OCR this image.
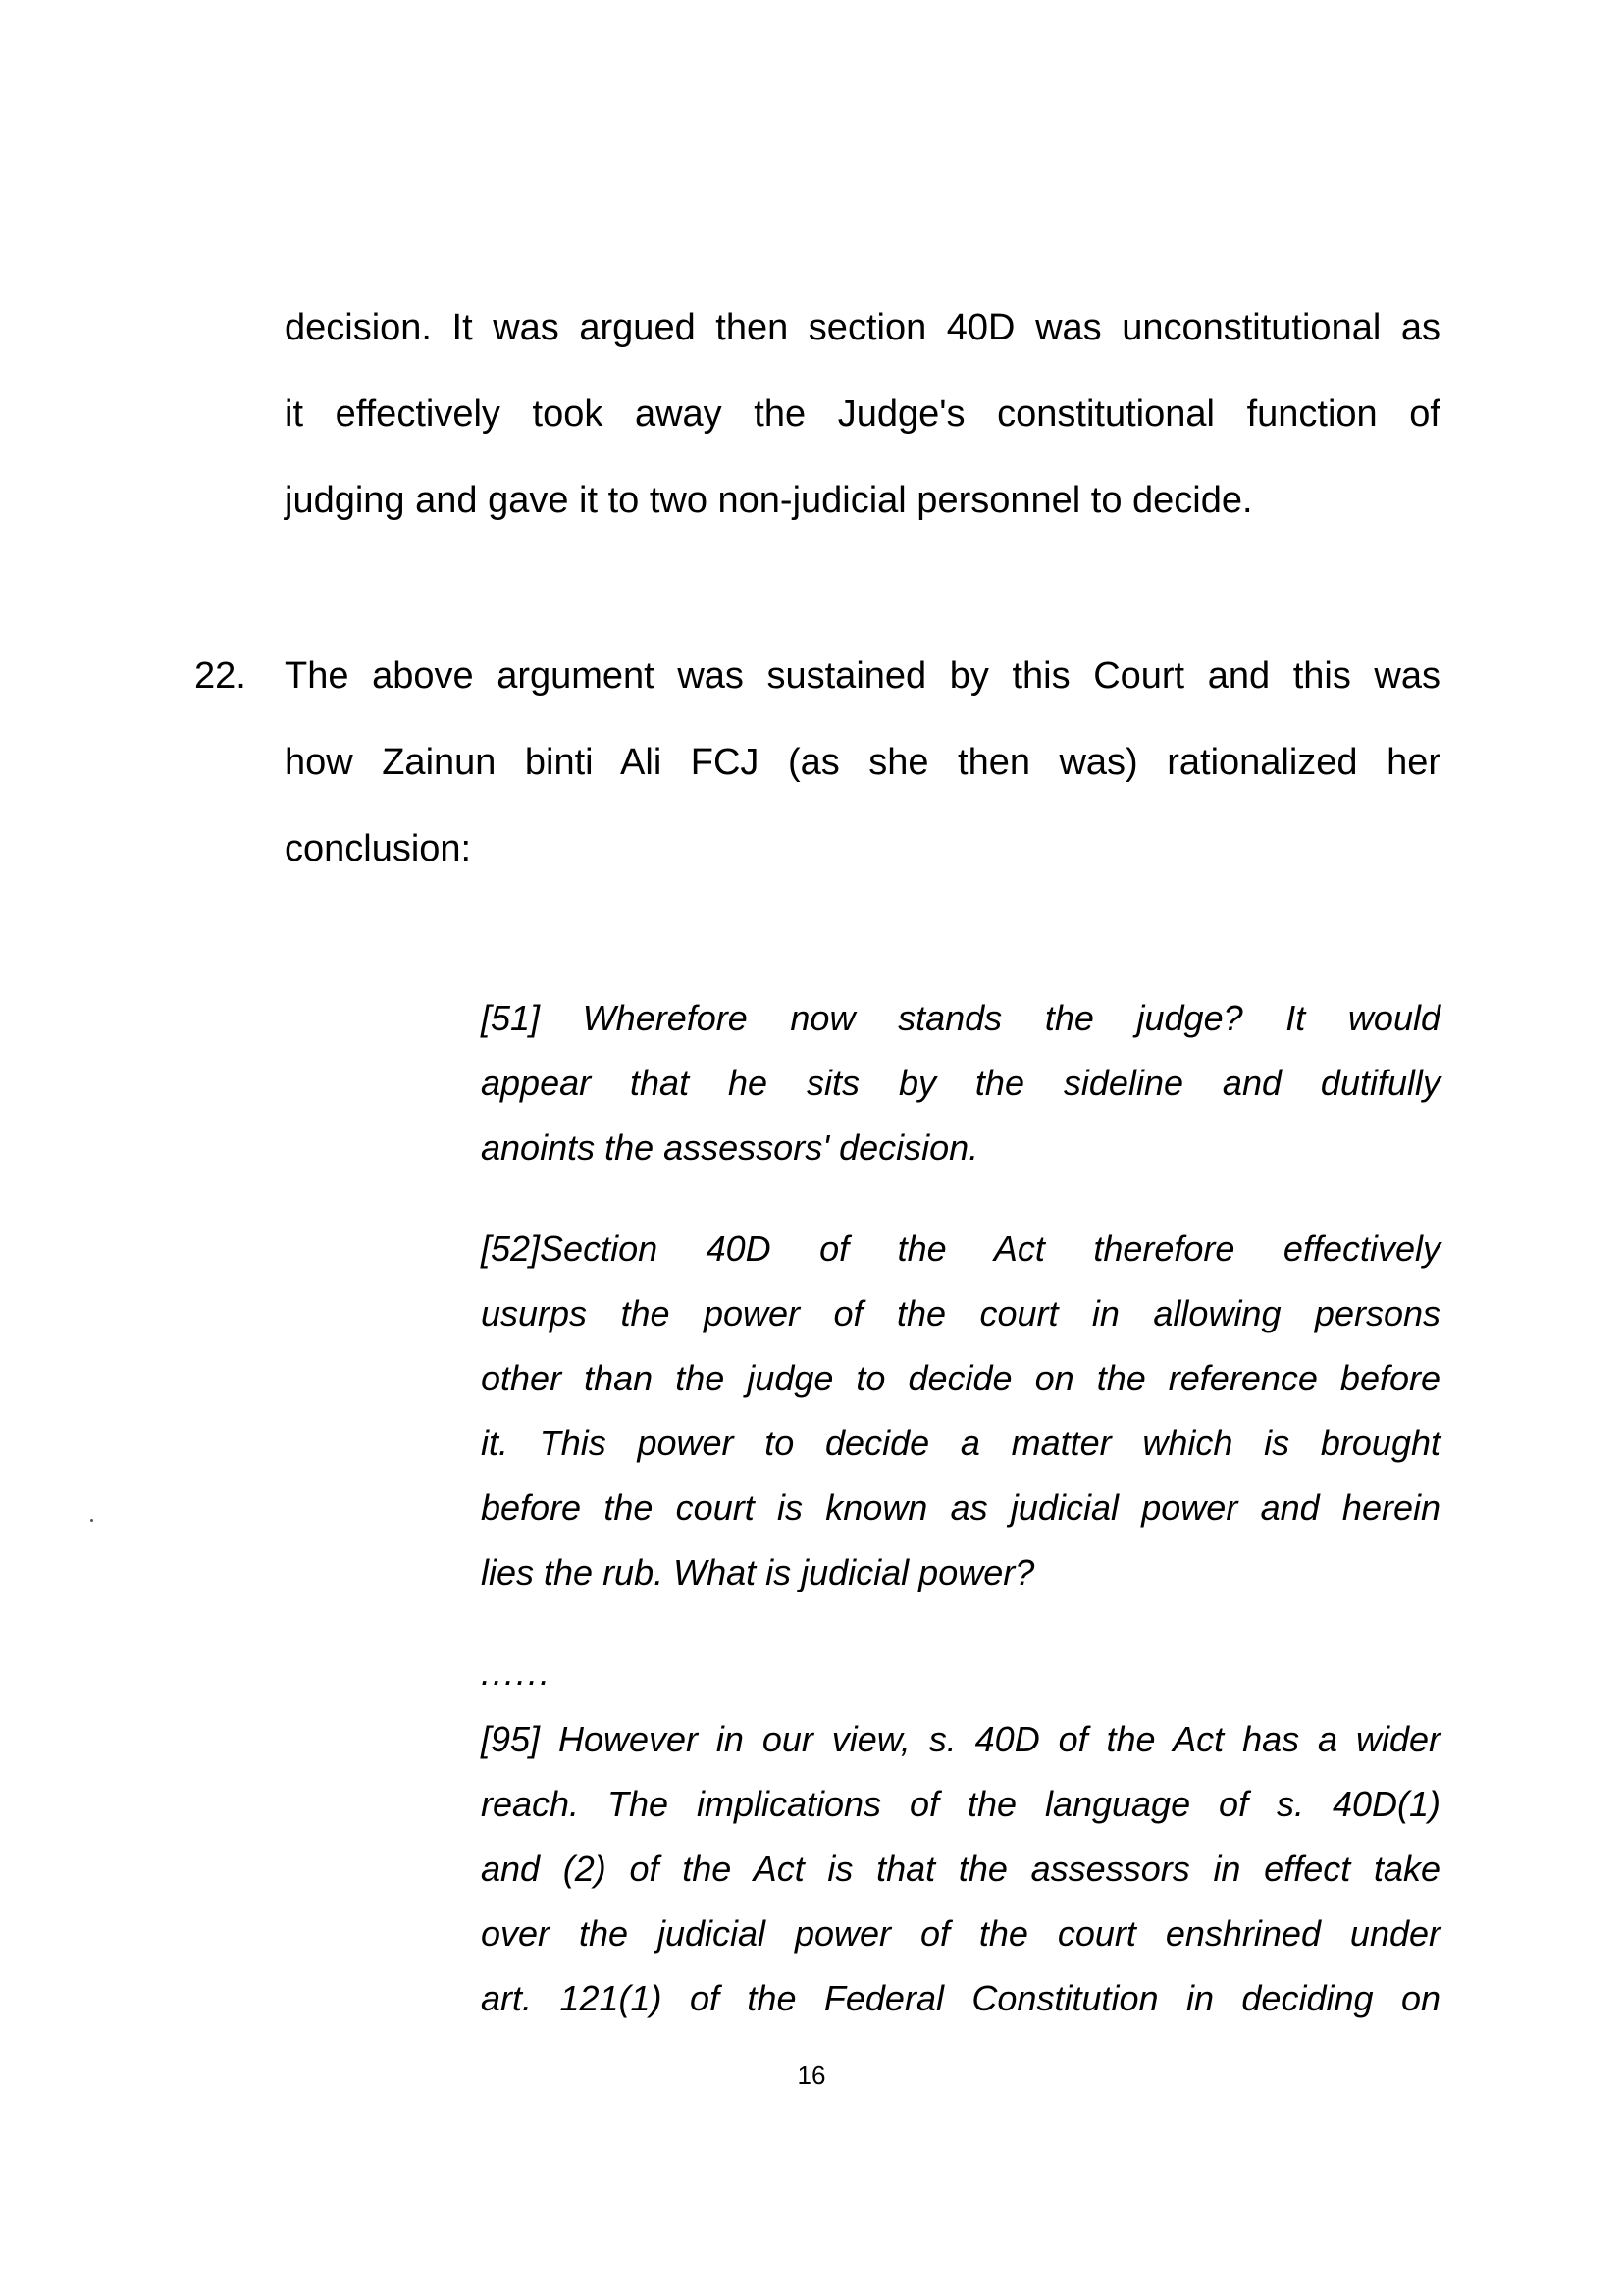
decision. It was argued then section 40D was unconstitutional as
it effectively took away the Judge's constitutional function of
judging and gave it to two non-judicial personnel to decide.
22. The above argument was sustained by this Court and this was
how Zainun binti Ali FCJ (as she then was) rationalized her
conclusion:
[51] Wherefore now stands the judge? It would
appear that he sits by the sideline and dutifully
anoints the assessors' decision.
[52]Section 40D of the Act therefore effectively
usurps the power of the court in allowing persons
other than the judge to decide on the reference before
it. This power to decide a matter which is brought
before the court is known as judicial power and herein
lies the rub. What is judicial power?
......
[95] However in our view, s. 40D of the Act has a wider
reach. The implications of the language of s. 40D(1)
and (2) of the Act is that the assessors in effect take
over the judicial power of the court enshrined under
art. 121(1) of the Federal Constitution in deciding on
16
